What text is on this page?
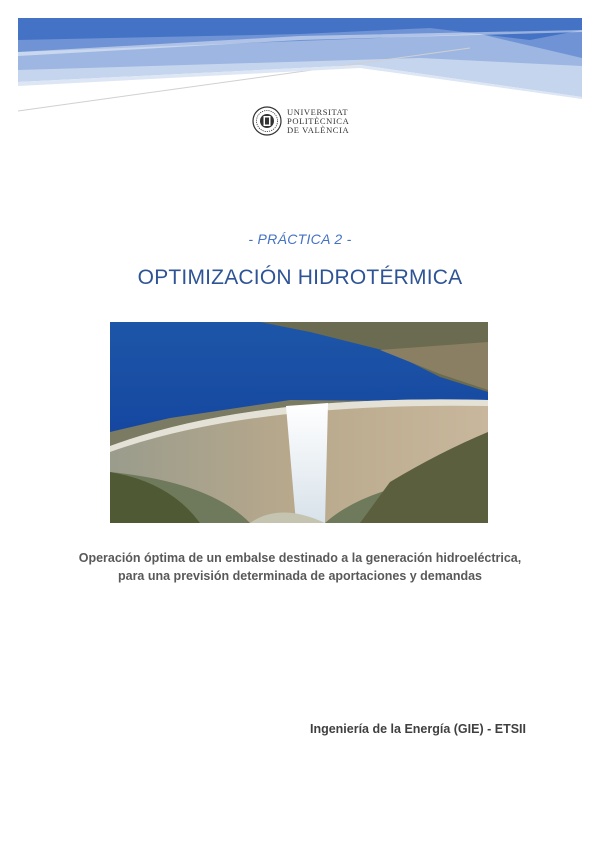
UNIVERSITAT
POLITÈCNICA
DE VALÈNCIA
- PRÁCTICA 2 -
OPTIMIZACIÓN HIDROTÉRMICA
Operación óptima de un embalse destinado a la generación hidroeléctrica,
para una previsión determinada de aportaciones y demandas
Ingeniería de la Energía (GIE) - ETSII
